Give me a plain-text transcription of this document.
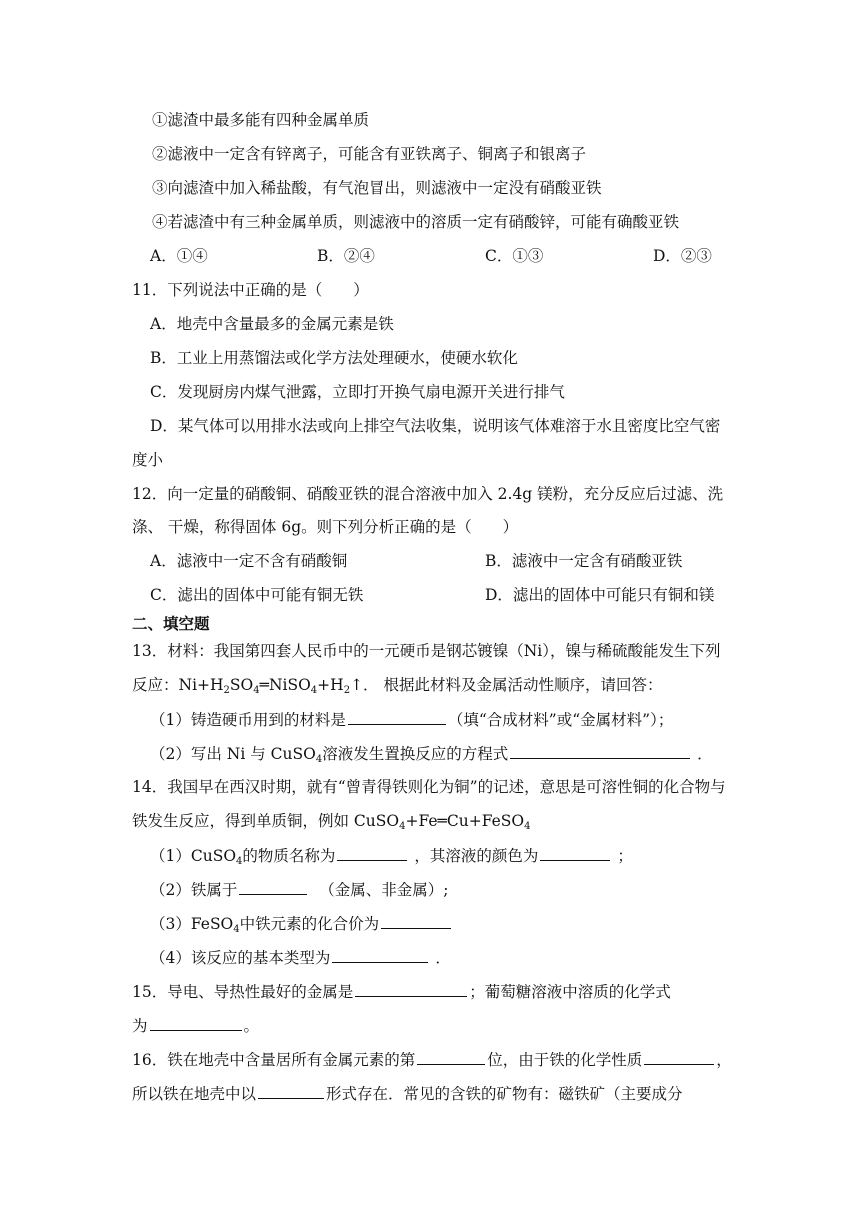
①滤渣中最多能有四种金属单质
②滤液中一定含有锌离子，可能含有亚铁离子、铜离子和银离子
③向滤渣中加入稀盐酸，有气泡冒出，则滤液中一定没有硝酸亚铁
④若滤渣中有三种金属单质，则滤液中的溶质一定有硝酸锌，可能有确酸亚铁
A．①④	B．②④	C．①③	D．②③
11．下列说法中正确的是（　　）
A．地壳中含量最多的金属元素是铁
B．工业上用蒸馏法或化学方法处理硬水，使硬水软化
C．发现厨房内煤气泄露，立即打开换气扇电源开关进行排气
D．某气体可以用排水法或向上排空气法收集，说明该气体难溶于水且密度比空气密
度小
12．向一定量的硝酸铜、硝酸亚铁的混合溶液中加入 2.4g 镁粉，充分反应后过滤、洗
涤、 干燥，称得固体 6g。则下列分析正确的是（　　）
A．滤液中一定不含有硝酸铜	B．滤液中一定含有硝酸亚铁
C．滤出的固体中可能有铜无铁	D．滤出的固体中可能只有铜和镁
二、填空题
13．材料：我国第四套人民币中的一元硬币是钢芯镀镍（Ni），镍与稀硫酸能发生下列
反应：$Ni+H_2SO_4═NiSO_4+H_2↑$． 根据此材料及金属活动性顺序，请回答：
（1）铸造硬币用到的材料是	（填“合成材料”或“金属材料”）；
（2）写出 Ni 与 CuSO$_4$溶液发生置换反应的方程式	．
14．我国早在西汉时期，就有“曾青得铁则化为铜”的记述，意思是可溶性铜的化合物与
铁发生反应，得到单质铜，例如 CuSO$_4$+Fe═Cu+FeSO$_4$
（1）CuSO$_4$的物质名称为	，其溶液的颜色为	；
（2）铁属于	（金属、非金属）;
（3）FeSO$_4$中铁元素的化合价为
（4）该反应的基本类型为	．
15．导电、导热性最好的金属是	；葡萄糖溶液中溶质的化学式
为	。
16．铁在地壳中含量居所有金属元素的第	位，由于铁的化学性质	，
所以铁在地壳中以	形式存在．常见的含铁的矿物有：磁铁矿（主要成分
